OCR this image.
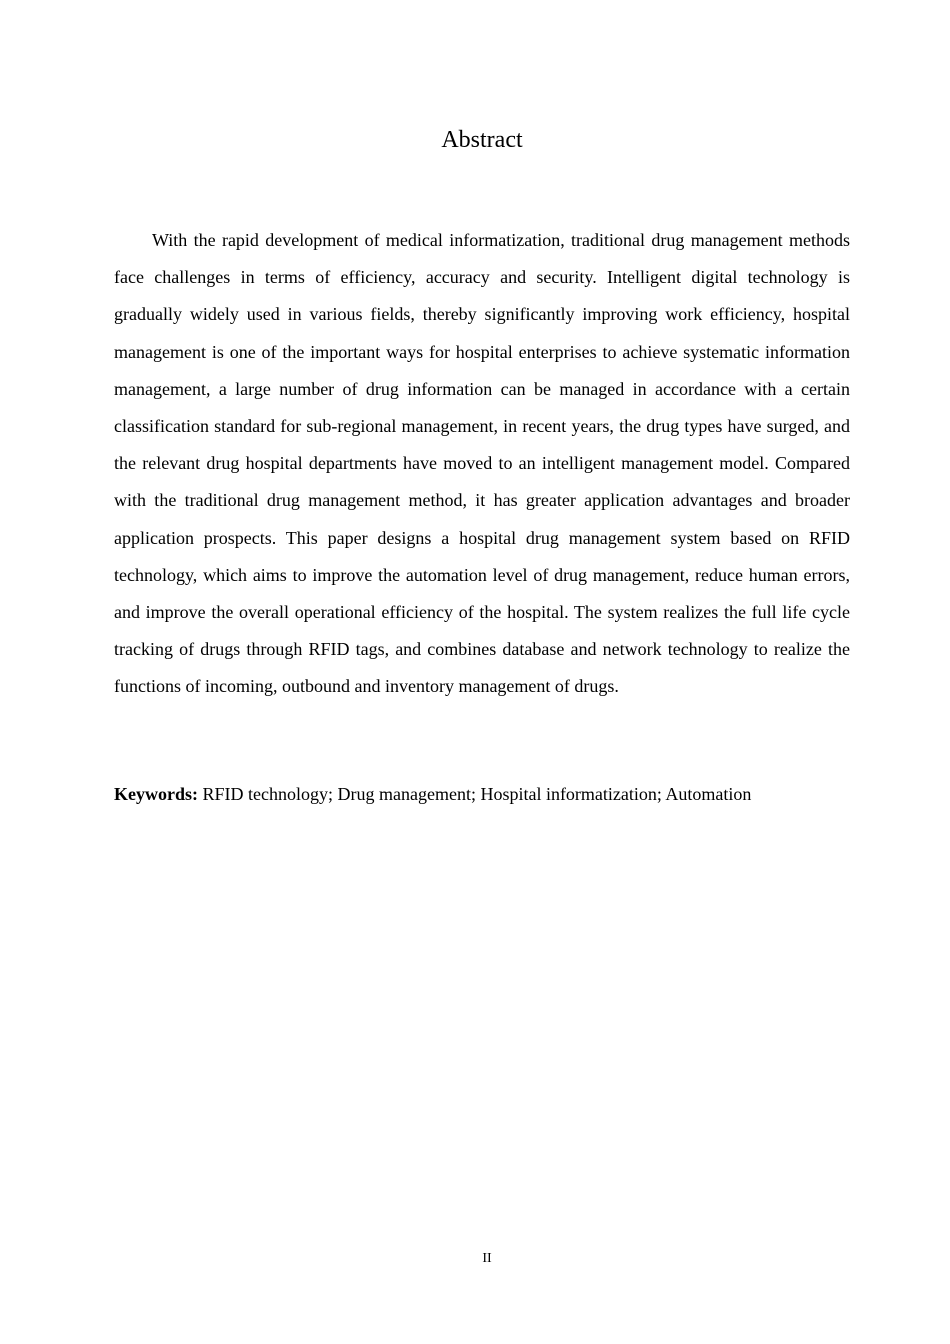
Abstract

With the rapid development of medical informatization, traditional drug management methods face challenges in terms of efficiency, accuracy and security. Intelligent digital technology is gradually widely used in various fields, thereby significantly improving work efficiency, hospital management is one of the important ways for hospital enterprises to achieve systematic information management, a large number of drug information can be managed in accordance with a certain classification standard for sub-regional management, in recent years, the drug types have surged, and the relevant drug hospital departments have moved to an intelligent management model. Compared with the traditional drug management method, it has greater application advantages and broader application prospects. This paper designs a hospital drug management system based on RFID technology, which aims to improve the automation level of drug management, reduce human errors, and improve the overall operational efficiency of the hospital. The system realizes the full life cycle tracking of drugs through RFID tags, and combines database and network technology to realize the functions of incoming, outbound and inventory management of drugs.

Keywords: RFID technology; Drug management; Hospital informatization; Automation

II
